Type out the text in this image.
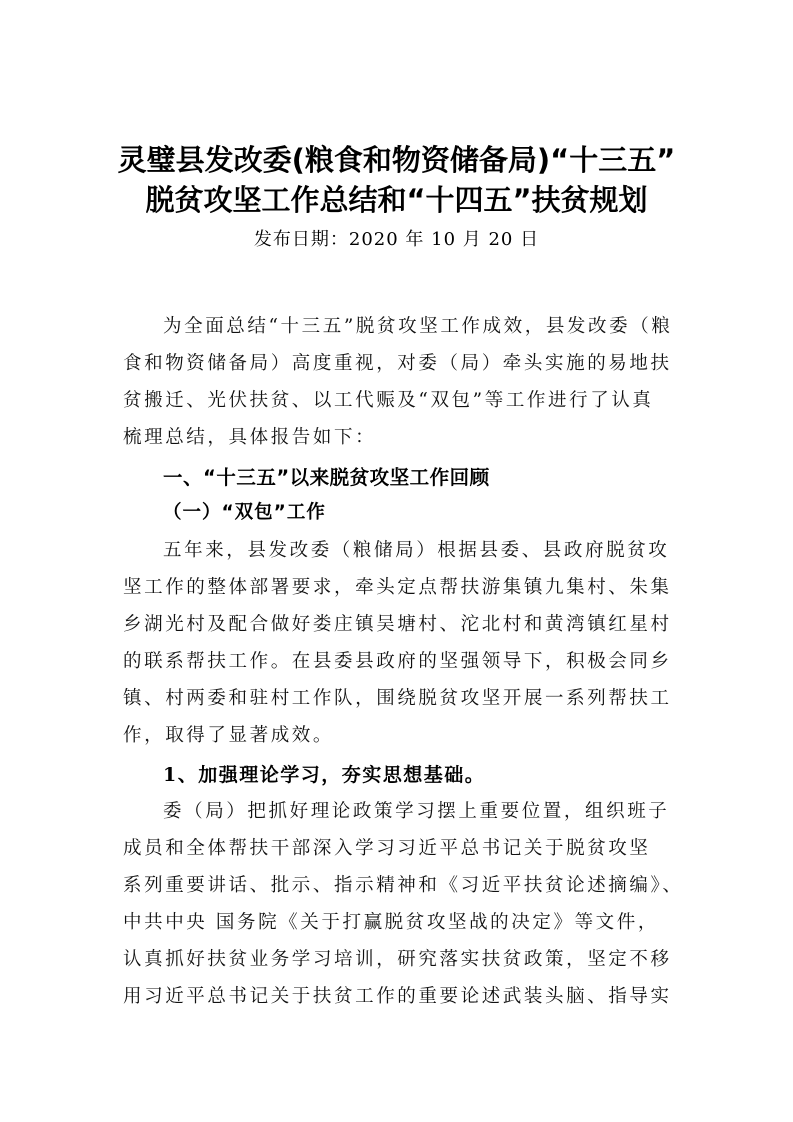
灵璧县发改委(粮食和物资储备局)“十三五”
脱贫攻坚工作总结和“十四五”扶贫规划
发布日期：2020 年 10 月 20 日
为全面总结“十三五”脱贫攻坚工作成效，县发改委（粮
食和物资储备局）高度重视，对委（局）牵头实施的易地扶
贫搬迁、光伏扶贫、以工代赈及“双包”等工作进行了认真
梳理总结，具体报告如下：
一、“十三五”以来脱贫攻坚工作回顾
（一）“双包”工作
五年来，县发改委（粮储局）根据县委、县政府脱贫攻
坚工作的整体部署要求，牵头定点帮扶游集镇九集村、朱集
乡湖光村及配合做好娄庄镇吴塘村、沱北村和黄湾镇红星村
的联系帮扶工作。在县委县政府的坚强领导下，积极会同乡
镇、村两委和驻村工作队，围绕脱贫攻坚开展一系列帮扶工
作，取得了显著成效。
1、加强理论学习，夯实思想基础。
委（局）把抓好理论政策学习摆上重要位置，组织班子
成员和全体帮扶干部深入学习习近平总书记关于脱贫攻坚
系列重要讲话、批示、指示精神和《习近平扶贫论述摘编》、
中共中央 国务院《关于打赢脱贫攻坚战的决定》等文件，
认真抓好扶贫业务学习培训，研究落实扶贫政策，坚定不移
用习近平总书记关于扶贫工作的重要论述武装头脑、指导实
